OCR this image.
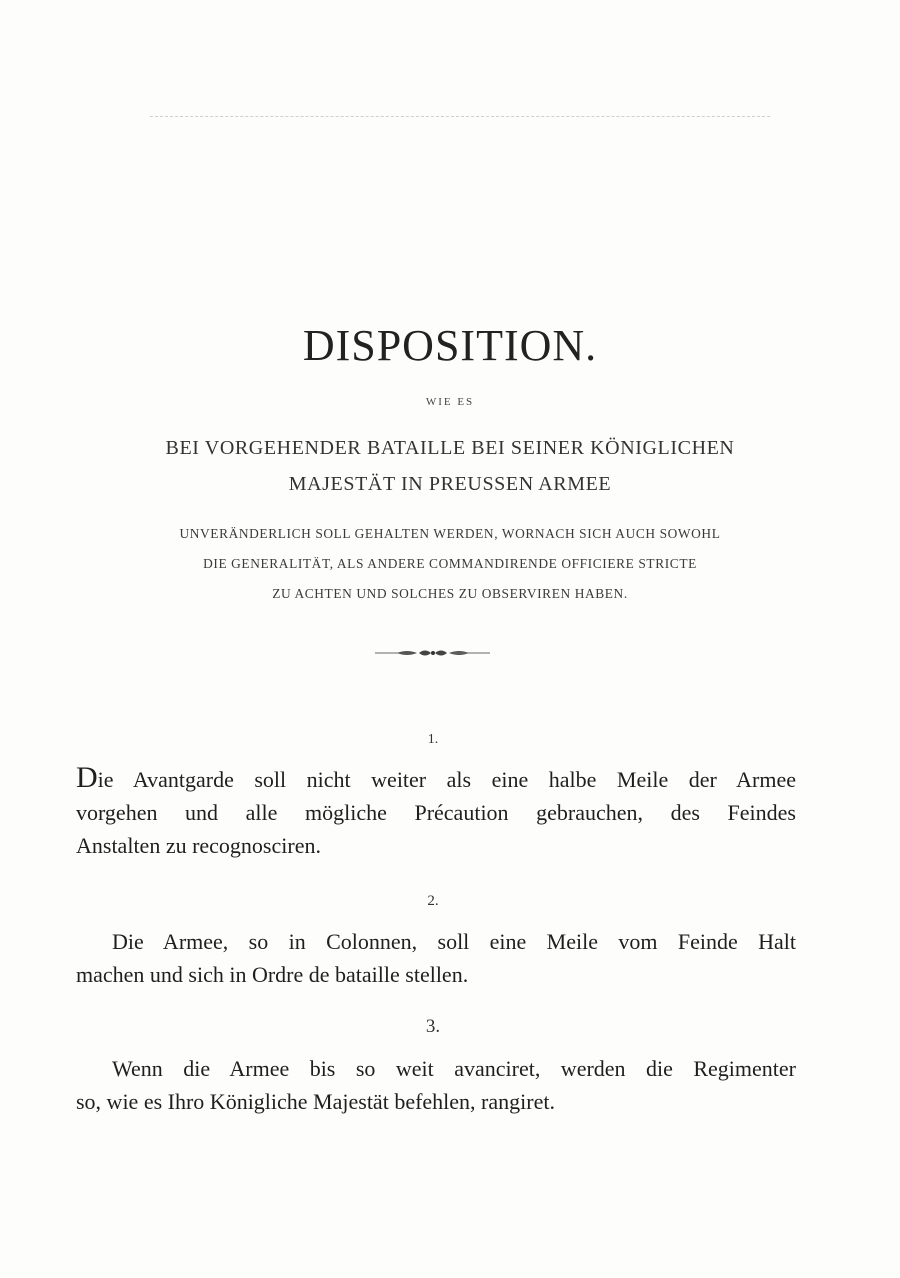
DISPOSITION.
WIE ES
BEI VORGEHENDER BATAILLE BEI SEINER KÖNIGLICHEN
MAJESTÄT IN PREUSSEN ARMEE
UNVERÄNDERLICH SOLL GEHALTEN WERDEN, WORNACH SICH AUCH SOWOHL
DIE GENERALITÄT, ALS ANDERE COMMANDIRENDE OFFICIERE STRICTE
ZU ACHTEN UND SOLCHES ZU OBSERVIREN HABEN.
1.
Die Avantgarde soll nicht weiter als eine halbe Meile der Armee
vorgehen und alle mögliche Précaution gebrauchen, des Feindes
Anstalten zu recognosciren.
2.
Die Armee, so in Colonnen, soll eine Meile vom Feinde Halt
machen und sich in Ordre de bataille stellen.
3.
Wenn die Armee bis so weit avanciret, werden die Regimenter
so, wie es Ihro Königliche Majestät befehlen, rangiret.
